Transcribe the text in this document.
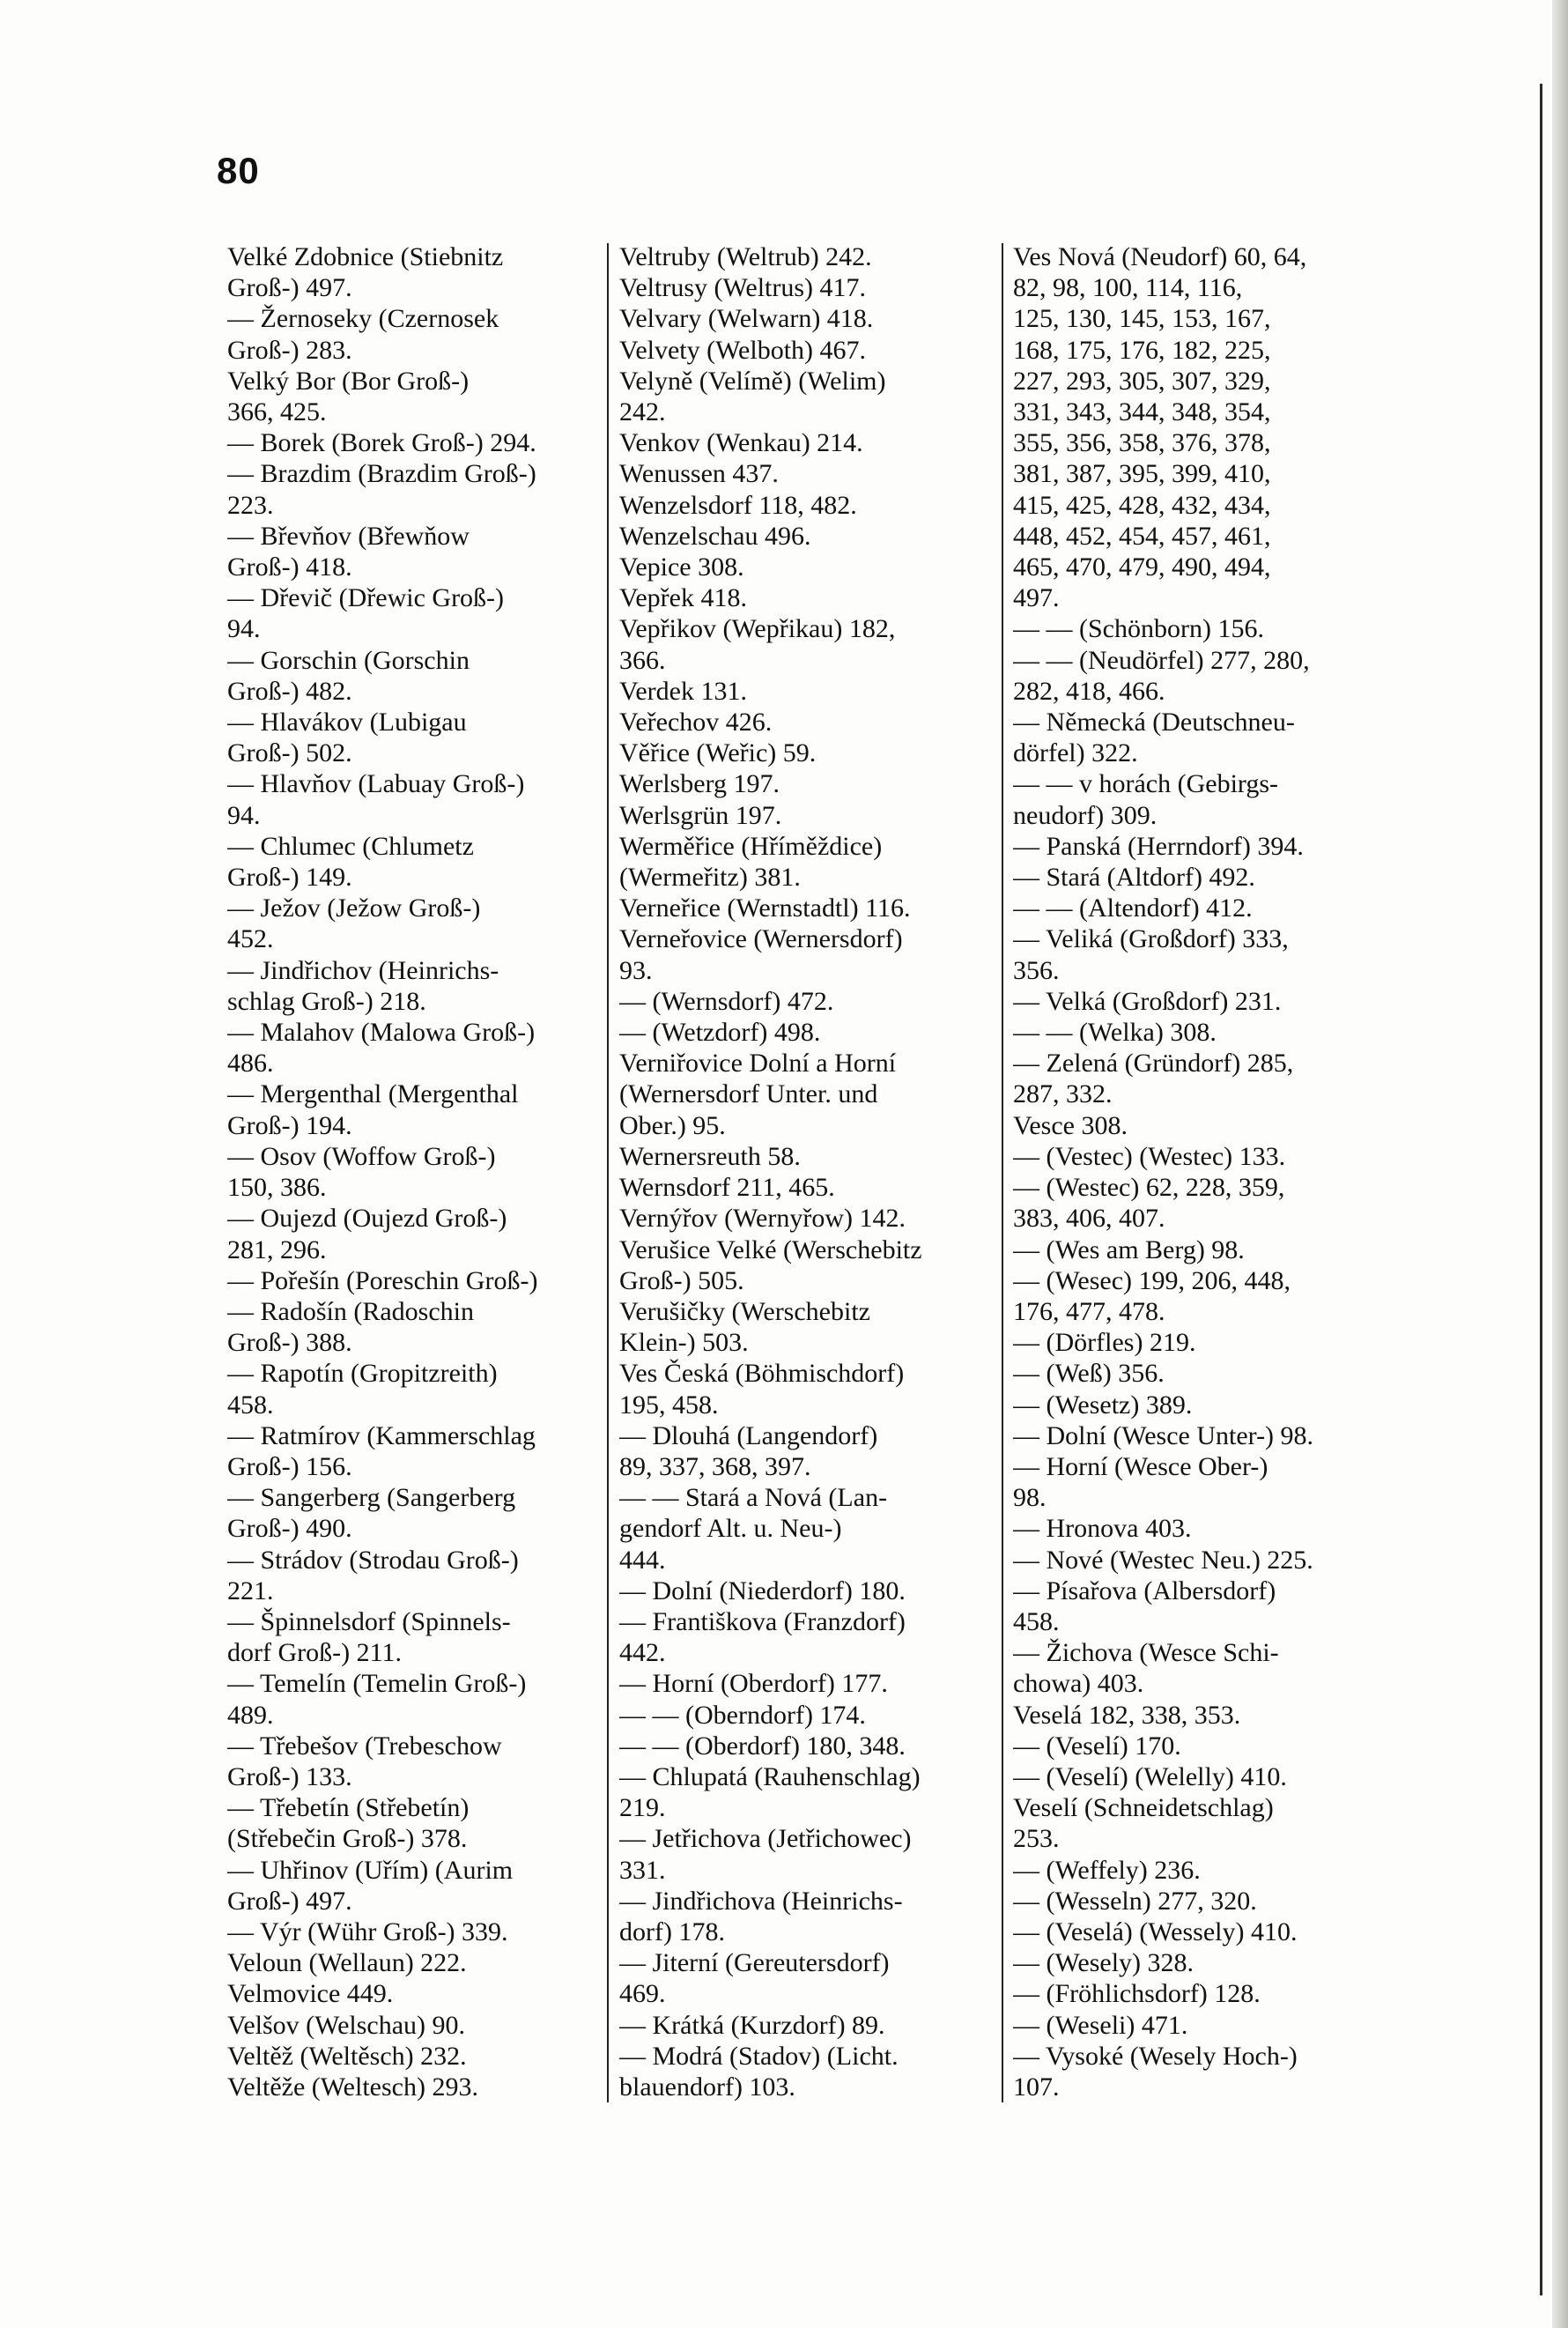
80
Velké Zdobnice (Stiebnitz
Groß-) 497.
— Žernoseky (Czernosek
Groß-) 283.
Velký Bor (Bor Groß-)
366, 425.
— Borek (Borek Groß-) 294.
— Brazdim (Brazdim Groß-)
223.
— Břevňov (Břewňow
Groß-) 418.
— Dřevič (Dřewic Groß-)
94.
— Gorschin (Gorschin
Groß-) 482.
— Hlavákov (Lubigau
Groß-) 502.
— Hlavňov (Labuay Groß-)
94.
— Chlumec (Chlumetz
Groß-) 149.
— Ježov (Ježow Groß-)
452.
— Jindřichov (Heinrichs-
schlag Groß-) 218.
— Malahov (Malowa Groß-)
486.
— Mergenthal (Mergenthal
Groß-) 194.
— Osov (Woffow Groß-)
150, 386.
— Oujezd (Oujezd Groß-)
281, 296.
— Pořešín (Poreschin Groß-)
— Radošín (Radoschin
Groß-) 388.
— Rapotín (Gropitzreith)
458.
— Ratmírov (Kammerschlag
Groß-) 156.
— Sangerberg (Sangerberg
Groß-) 490.
— Strádov (Strodau Groß-)
221.
— Špinnelsdorf (Spinnels-
dorf Groß-) 211.
— Temelín (Temelin Groß-)
489.
— Třebešov (Trebeschow
Groß-) 133.
— Třebetín (Střebetín)
(Střebečin Groß-) 378.
— Uhřinov (Uřím) (Aurim
Groß-) 497.
— Výr (Wühr Groß-) 339.
Veloun (Wellaun) 222.
Velmovice 449.
Velšov (Welschau) 90.
Veltěž (Weltěsch) 232.
Veltěže (Weltesch) 293.
Veltruby (Weltrub) 242.
Veltrusy (Weltrus) 417.
Velvary (Welwarn) 418.
Velvety (Welboth) 467.
Velyně (Velímě) (Welim)
242.
Venkov (Wenkau) 214.
Wenussen 437.
Wenzelsdorf 118, 482.
Wenzelschau 496.
Vepice 308.
Vepřek 418.
Vepřikov (Wepřikau) 182,
366.
Verdek 131.
Veřechov 426.
Věřice (Weřic) 59.
Werlsberg 197.
Werlsgrün 197.
Werměřice (Hříměždice)
(Wermeřitz) 381.
Verneřice (Wernstadtl) 116.
Verneřovice (Wernersdorf)
93.
— (Wernsdorf) 472.
— (Wetzdorf) 498.
Verniřovice Dolní a Horní
(Wernersdorf Unter. und
Ober.) 95.
Wernersreuth 58.
Wernsdorf 211, 465.
Vernýřov (Wernyřow) 142.
Verušice Velké (Werschebitz
Groß-) 505.
Verušičky (Werschebitz
Klein-) 503.
Ves Česká (Böhmischdorf)
195, 458.
— Dlouhá (Langendorf)
89, 337, 368, 397.
— — Stará a Nová (Lan-
gendorf Alt. u. Neu-)
444.
— Dolní (Niederdorf) 180.
— Františkova (Franzdorf)
442.
— Horní (Oberdorf) 177.
— — (Oberndorf) 174.
— — (Oberdorf) 180, 348.
— Chlupatá (Rauhenschlag)
219.
— Jetřichova (Jetřichowec)
331.
— Jindřichova (Heinrichs-
dorf) 178.
— Jiterní (Gereutersdorf)
469.
— Krátká (Kurzdorf) 89.
— Modrá (Stadov) (Licht.
blauendorf) 103.
Ves Nová (Neudorf) 60, 64,
82, 98, 100, 114, 116,
125, 130, 145, 153, 167,
168, 175, 176, 182, 225,
227, 293, 305, 307, 329,
331, 343, 344, 348, 354,
355, 356, 358, 376, 378,
381, 387, 395, 399, 410,
415, 425, 428, 432, 434,
448, 452, 454, 457, 461,
465, 470, 479, 490, 494,
497.
— — (Schönborn) 156.
— — (Neudörfel) 277, 280,
282, 418, 466.
— Německá (Deutschneu-
dörfel) 322.
— — v horách (Gebirgs-
neudorf) 309.
— Panská (Herrndorf) 394.
— Stará (Altdorf) 492.
— — (Altendorf) 412.
— Veliká (Großdorf) 333,
356.
— Velká (Großdorf) 231.
— — (Welka) 308.
— Zelená (Gründorf) 285,
287, 332.
Vesce 308.
— (Vestec) (Westec) 133.
— (Westec) 62, 228, 359,
383, 406, 407.
— (Wes am Berg) 98.
— (Wesec) 199, 206, 448,
176, 477, 478.
— (Dörfles) 219.
— (Weß) 356.
— (Wesetz) 389.
— Dolní (Wesce Unter-) 98.
— Horní (Wesce Ober-)
98.
— Hronova 403.
— Nové (Westec Neu.) 225.
— Písařova (Albersdorf)
458.
— Žichova (Wesce Schi-
chowa) 403.
Veselá 182, 338, 353.
— (Veselí) 170.
— (Veselí) (Welelly) 410.
Veselí (Schneidetschlag)
253.
— (Weffely) 236.
— (Wesseln) 277, 320.
— (Veselá) (Wessely) 410.
— (Wesely) 328.
— (Fröhlichsdorf) 128.
— (Weseli) 471.
— Vysoké (Wesely Hoch-)
107.
